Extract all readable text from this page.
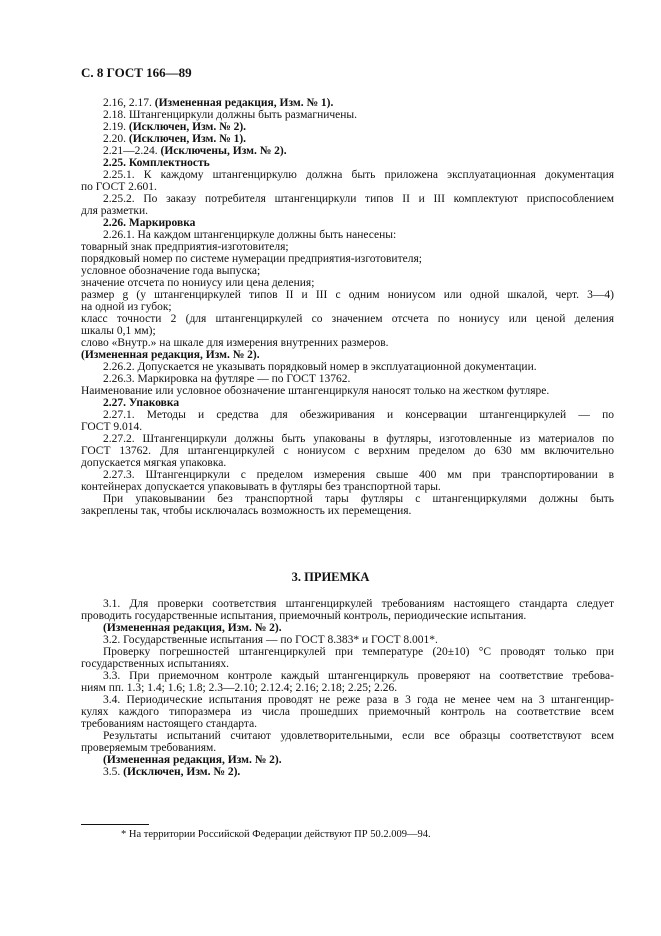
С. 8 ГОСТ 166—89
2.16, 2.17. (Измененная редакция, Изм. № 1).
2.18. Штангенциркули должны быть размагничены.
2.19. (Исключен, Изм. № 2).
2.20. (Исключен, Изм. № 1).
2.21—2.24. (Исключены, Изм. № 2).
2.25. Комплектность
2.25.1. К каждому штангенциркулю должна быть приложена эксплуатационная документация
по ГОСТ 2.601.
2.25.2. По заказу потребителя штангенциркули типов II и III комплектуют приспособлением
для разметки.
2.26. Маркировка
2.26.1. На каждом штангенциркуле должны быть нанесены:
товарный знак предприятия-изготовителя;
порядковый номер по системе нумерации предприятия-изготовителя;
условное обозначение года выпуска;
значение отсчета по нониусу или цена деления;
размер g (у штангенциркулей типов II и III с одним нониусом или одной шкалой, черт. 3—4)
на одной из губок;
класс точности 2 (для штангенциркулей со значением отсчета по нониусу или ценой деления
шкалы 0,1 мм);
слово «Внутр.» на шкале для измерения внутренних размеров.
(Измененная редакция, Изм. № 2).
2.26.2. Допускается не указывать порядковый номер в эксплуатационной документации.
2.26.3. Маркировка на футляре — по ГОСТ 13762.
Наименование или условное обозначение штангенциркуля наносят только на жестком футляре.
2.27. Упаковка
2.27.1. Методы и средства для обезжиривания и консервации штангенциркулей — по
ГОСТ 9.014.
2.27.2. Штангенциркули должны быть упакованы в футляры, изготовленные из материалов по
ГОСТ 13762. Для штангенциркулей с нониусом с верхним пределом до 630 мм включительно
допускается мягкая упаковка.
2.27.3. Штангенциркули с пределом измерения свыше 400 мм при транспортировании в
контейнерах допускается упаковывать в футляры без транспортной тары.
При упаковывании без транспортной тары футляры с штангенциркулями должны быть
закреплены так, чтобы исключалась возможность их перемещения.
3. ПРИЕМКА
3.1. Для проверки соответствия штангенциркулей требованиям настоящего стандарта следует
проводить государственные испытания, приемочный контроль, периодические испытания.
(Измененная редакция, Изм. № 2).
3.2. Государственные испытания — по ГОСТ 8.383* и ГОСТ 8.001*.
Проверку погрешностей штангенциркулей при температуре (20±10) °С проводят только при
государственных испытаниях.
3.3. При приемочном контроле каждый штангенциркуль проверяют на соответствие требова-
ниям пп. 1.3; 1.4; 1.6; 1.8; 2.3—2.10; 2.12.4; 2.16; 2.18; 2.25; 2.26.
3.4. Периодические испытания проводят не реже раза в 3 года не менее чем на 3 штангенцир-
кулях каждого типоразмера из числа прошедших приемочный контроль на соответствие всем
требованиям настоящего стандарта.
Результаты испытаний считают удовлетворительными, если все образцы соответствуют всем
проверяемым требованиям.
(Измененная редакция, Изм. № 2).
3.5. (Исключен, Изм. № 2).
* На территории Российской Федерации действуют ПР 50.2.009—94.
